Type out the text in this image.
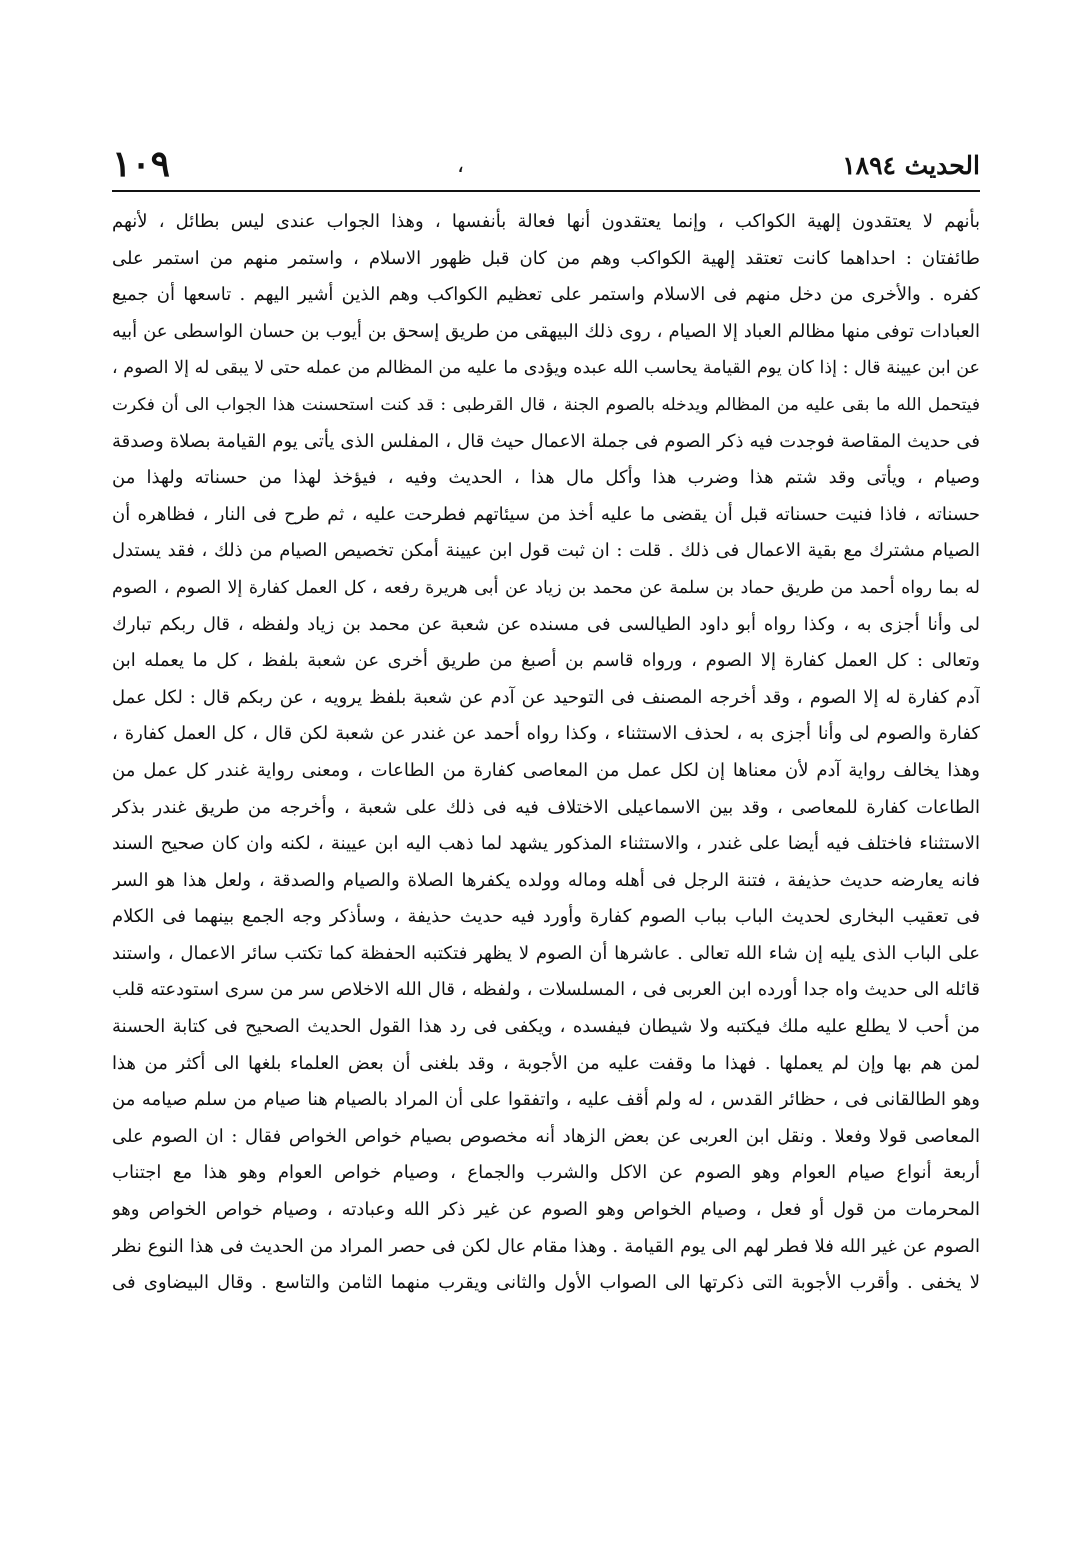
الحديث ١٨٩٤
،
١٠٩
بأنهم لا يعتقدون إلهية الكواكب ، وإنما يعتقدون أنها فعالة بأنفسها ، وهذا الجواب عندى ليس بطائل ، لأنهم
طائفتان : احداهما كانت تعتقد إلهية الكواكب وهم من كان قبل ظهور الاسلام ، واستمر منهم من استمر على
كفره . والأخرى من دخل منهم فى الاسلام واستمر على تعظيم الكواكب وهم الذين أشير اليهم . تاسعها أن جميع
العبادات توفى منها مظالم العباد إلا الصيام ، روى ذلك البيهقى من طريق إسحق بن أيوب بن حسان الواسطى عن أبيه
عن ابن عيينة قال : إذا كان يوم القيامة يحاسب الله عبده ويؤدى ما عليه من المظالم من عمله حتى لا يبقى له إلا الصوم ،
فيتحمل الله ما بقى عليه من المظالم ويدخله بالصوم الجنة ، قال القرطبى : قد كنت استحسنت هذا الجواب الى أن فكرت
فى حديث المقاصة فوجدت فيه ذكر الصوم فى جملة الاعمال حيث قال ، المفلس الذى يأتى يوم القيامة بصلاة وصدقة
وصيام ، ويأتى وقد شتم هذا وضرب هذا وأكل مال هذا ، الحديث وفيه ، فيؤخذ لهذا من حسناته ولهذا من
حسناته ، فاذا فنيت حسناته قبل أن يقضى ما عليه أخذ من سيئاتهم فطرحت عليه ، ثم طرح فى النار ، فظاهره أن
الصيام مشترك مع بقية الاعمال فى ذلك . قلت : ان ثبت قول ابن عيينة أمكن تخصيص الصيام من ذلك ، فقد يستدل
له بما رواه أحمد من طريق حماد بن سلمة عن محمد بن زياد عن أبى هريرة رفعه ، كل العمل كفارة إلا الصوم ، الصوم
لى وأنا أجزى به ، وكذا رواه أبو داود الطيالسى فى مسنده عن شعبة عن محمد بن زياد ولفظه ، قال ربكم تبارك
وتعالى : كل العمل كفارة إلا الصوم ، ورواه قاسم بن أصبغ من طريق أخرى عن شعبة بلفظ ، كل ما يعمله ابن
آدم كفارة له إلا الصوم ، وقد أخرجه المصنف فى التوحيد عن آدم عن شعبة بلفظ يرويه ، عن ربكم قال : لكل عمل
كفارة والصوم لى وأنا أجزى به ، لحذف الاستثناء ، وكذا رواه أحمد عن غندر عن شعبة لكن قال ، كل العمل كفارة ،
وهذا يخالف رواية آدم لأن معناها إن لكل عمل من المعاصى كفارة من الطاعات ، ومعنى رواية غندر كل عمل من
الطاعات كفارة للمعاصى ، وقد بين الاسماعيلى الاختلاف فيه فى ذلك على شعبة ، وأخرجه من طريق غندر بذكر
الاستثناء فاختلف فيه أيضا على غندر ، والاستثناء المذكور يشهد لما ذهب اليه ابن عيينة ، لكنه وان كان صحيح السند
فانه يعارضه حديث حذيفة ، فتنة الرجل فى أهله وماله وولده يكفرها الصلاة والصيام والصدقة ، ولعل هذا هو السر
فى تعقيب البخارى لحديث الباب بباب الصوم كفارة وأورد فيه حديث حذيفة ، وسأذكر وجه الجمع بينهما فى الكلام
على الباب الذى يليه إن شاء الله تعالى . عاشرها أن الصوم لا يظهر فتكتبه الحفظة كما تكتب سائر الاعمال ، واستند
قائله الى حديث واه جدا أورده ابن العربى فى ، المسلسلات ، ولفظه ، قال الله الاخلاص سر من سرى استودعته قلب
من أحب لا يطلع عليه ملك فيكتبه ولا شيطان فيفسده ، ويكفى فى رد هذا القول الحديث الصحيح فى كتابة الحسنة
لمن هم بها وإن لم يعملها . فهذا ما وقفت عليه من الأجوبة ، وقد بلغنى أن بعض العلماء بلغها الى أكثر من هذا
وهو الطالقانى فى ، حظائر القدس ، له ولم أقف عليه ، واتفقوا على أن المراد بالصيام هنا صيام من سلم صيامه من
المعاصى قولا وفعلا . ونقل ابن العربى عن بعض الزهاد أنه مخصوص بصيام خواص الخواص فقال : ان الصوم على
أربعة أنواع صيام العوام وهو الصوم عن الاكل والشرب والجماع ، وصيام خواص العوام وهو هذا مع اجتناب
المحرمات من قول أو فعل ، وصيام الخواص وهو الصوم عن غير ذكر الله وعبادته ، وصيام خواص الخواص وهو
الصوم عن غير الله فلا فطر لهم الى يوم القيامة . وهذا مقام عال لكن فى حصر المراد من الحديث فى هذا النوع نظر
لا يخفى . وأقرب الأجوبة التى ذكرتها الى الصواب الأول والثانى ويقرب منهما الثامن والتاسع . وقال البيضاوى فى
